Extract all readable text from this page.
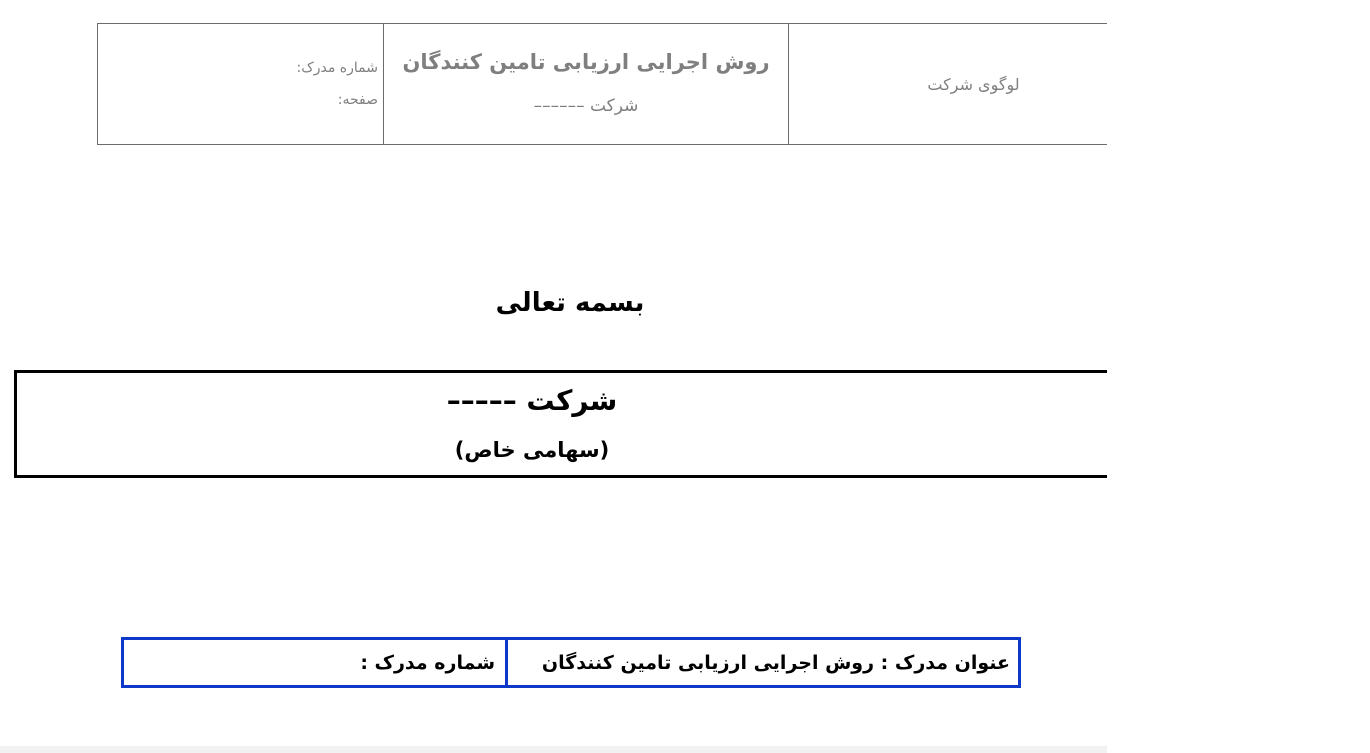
شماره مدرک:
صفحه:
روش اجرایی ارزیابی تامین کنندگان
شرکت ––––––
لوگوی شرکت
بسمه تعالی
شرکت –––––
(سهامی خاص)
شماره مدرک : عنوان مدرک : روش اجرایی ارزیابی تامین کنندگان
